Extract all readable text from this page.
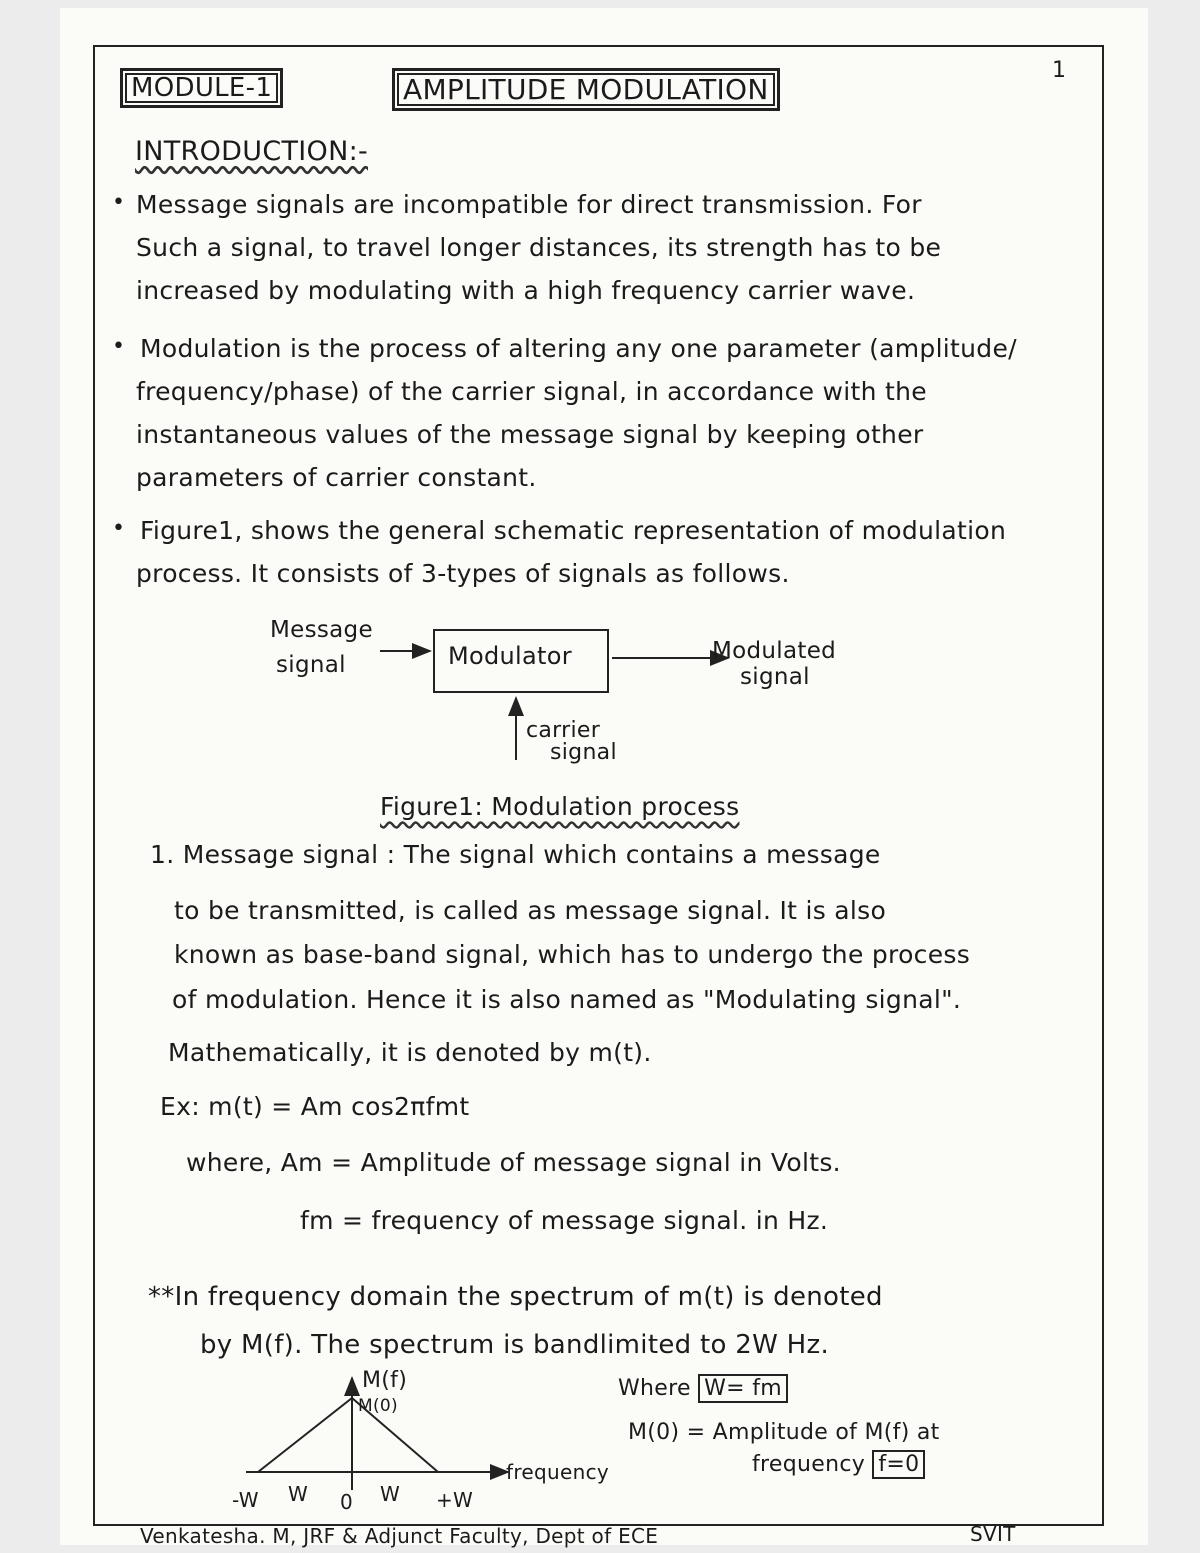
1
MODULE-1	AMPLITUDE MODULATION
INTRODUCTION:-
• Message signals are incompatible for direct transmission. For
Such a signal, to travel longer distances, its strength has to be
increased by modulating with a high frequency carrier wave.
• Modulation is the process of altering any one parameter (amplitude/
frequency/phase) of the carrier signal, in accordance with the
instantaneous values of the message signal by keeping other
parameters of carrier constant.
• Figure1, shows the general schematic representation of modulation
process. It consists of 3-types of signals as follows.
Message
signal	Modulator	Modulated
signal
carrier
signal
Figure1: Modulation process
1. Message signal : The signal which contains a message
to be transmitted, is called as message signal. It is also
known as base-band signal, which has to undergo the process
of modulation. Hence it is also named as "Modulating signal".
Mathematically, it is denoted by m(t).
Ex: m(t) = Am cos2πfmt
where, Am = Amplitude of message signal in Volts.
fm = frequency of message signal. in Hz.
**In frequency domain the spectrum of m(t) is denoted
by M(f). The spectrum is bandlimited to 2W Hz.
M(f)
M(0)
frequency
-W W 0 W +W
Where W= fm
M(0) = Amplitude of M(f) at
frequency f=0
Venkatesha. M, JRF & Adjunct Faculty, Dept of ECE	SVIT
